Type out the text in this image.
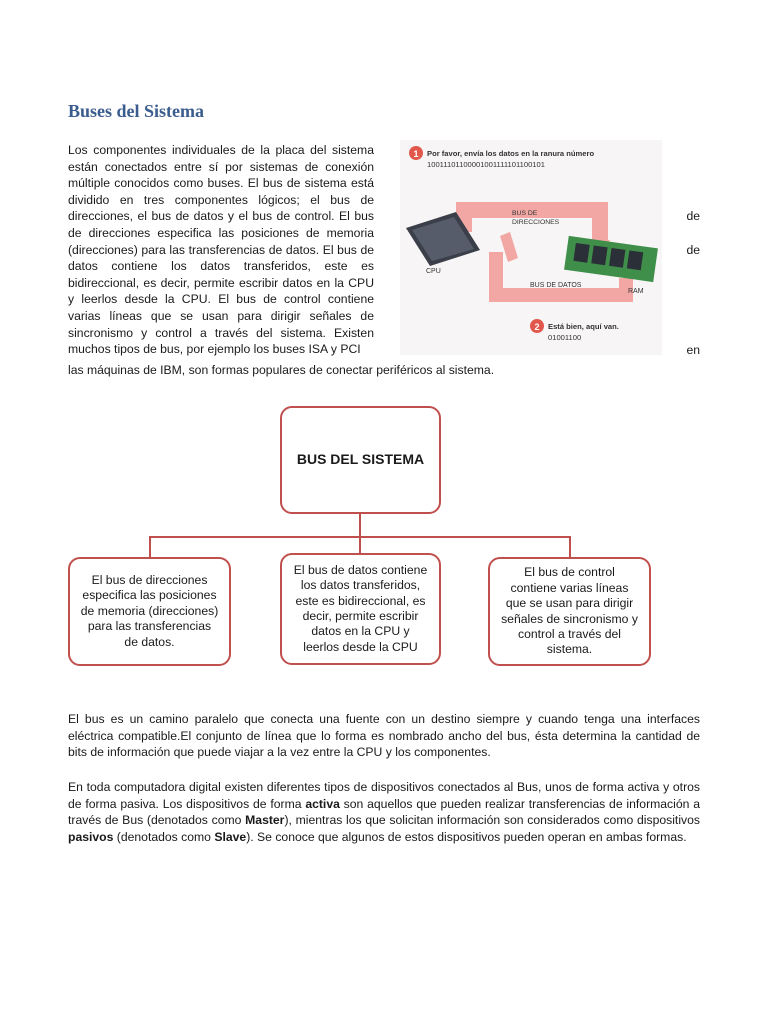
Buses del Sistema
Los componentes individuales de la placa del sistema están conectados entre sí por sistemas de conexión múltiple conocidos como buses. El bus de sistema está dividido en tres componentes lógicos; el bus de direcciones, el bus de datos y el bus de control. El bus de direcciones especifica las posiciones de memoria (direcciones) para las transferencias de datos. El bus de datos contiene los datos transferidos, este es bidireccional, es decir, permite escribir datos en la CPU y leerlos desde la CPU. El bus de control contiene varias líneas que se usan para dirigir señales de sincronismo y control a través del sistema. Existen muchos tipos de bus, por ejemplo los buses ISA y PCI
de
de
en
las máquinas de IBM, son formas populares de conectar periféricos al sistema.
1 Por favor, envía los datos en la ranura número
10011101100001001111101100101
BUS DE
DIRECCIONES
CPU
BUS DE DATOS
RAM
2 Está bien, aquí van.
01001100
BUS DEL SISTEMA
El bus de direcciones especifica las posiciones de memoria (direcciones) para las transferencias de datos.
El bus de datos contiene los datos transferidos, este es bidireccional, es decir, permite escribir datos en la CPU y leerlos desde la CPU
El bus de control contiene varias líneas que se usan para dirigir señales de sincronismo y control a través del sistema.
El bus es un camino paralelo que conecta una fuente con un destino siempre y cuando tenga una interfaces eléctrica compatible.El conjunto de línea que lo forma es nombrado ancho del bus, ésta determina la cantidad de bits de información que puede viajar a la vez entre la CPU y los componentes.
En toda computadora digital existen diferentes tipos de dispositivos conectados al Bus, unos de forma activa y otros de forma pasiva. Los dispositivos de forma activa son aquellos que pueden realizar transferencias de información a través de Bus (denotados como Master), mientras los que solicitan información son considerados como dispositivos pasivos (denotados como Slave). Se conoce que algunos de estos dispositivos pueden operan en ambas formas.
